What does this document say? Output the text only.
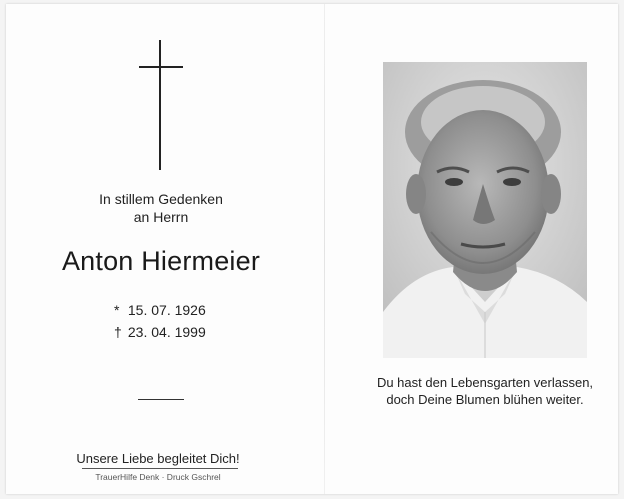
In stillem Gedenken
an Herrn
Anton Hiermeier
* 15. 07. 1926
† 23. 04. 1999
Unsere Liebe begleitet Dich!
TrauerHilfe Denk · Druck Gschrel
Du hast den Lebensgarten verlassen,
doch Deine Blumen blühen weiter.
